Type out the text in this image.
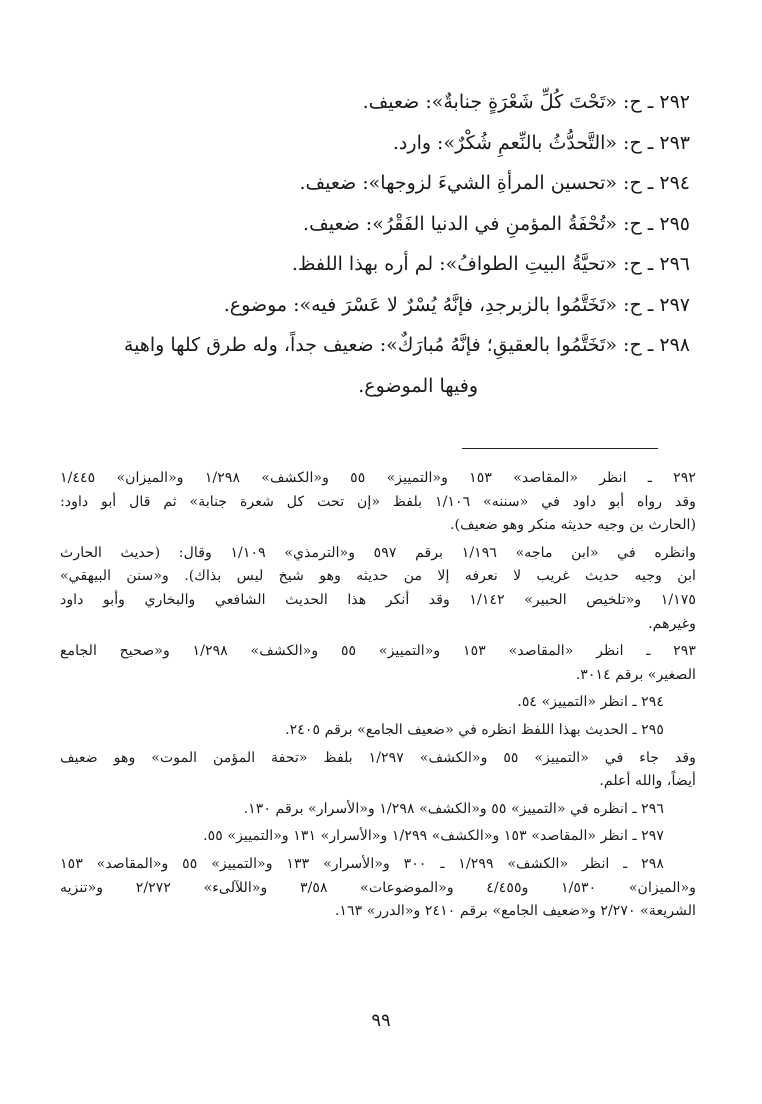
٢٩٢ ـ ح: «تَحْتَ كُلِّ شَعْرَةٍ جنابةٌ»: ضعيف.
٢٩٣ ـ ح: «التَّحدُّثُ بالنِّعمِ شُكْرٌ»: وارد.
٢٩٤ ـ ح: «تحسين المرأةِ الشيءَ لزوجها»: ضعيف.
٢٩٥ ـ ح: «تُحْفَةُ المؤمنِ في الدنيا الفَقْرُ»: ضعيف.
٢٩٦ ـ ح: «تحيَّةُ البيتِ الطوافُ»: لم أره بهذا اللفظ.
٢٩٧ ـ ح: «تَخَتَّمُوا بالزبرجدِ، فإنَّهُ يُسْرٌ لا عَسْرَ فيه»: موضوع.
٢٩٨ ـ ح: «تَخَتَّمُوا بالعقيقِ؛ فإنَّهُ مُبارَكٌ»: ضعيف جداً، وله طرق كلها واهية
وفيها الموضوع.
٢٩٢ ـ انظر «المقاصد» ١٥٣ و«التمييز» ٥٥ و«الكشف» ١/٢٩٨ و«الميزان» ١/٤٤٥
وقد رواه أبو داود في «سننه» ١/١٠٦ بلفظ «إن تحت كل شعرة جنابة» ثم قال أبو داود:
(الحارث بن وجيه حديثه منكر وهو ضعيف).
وانظره في «ابن ماجه» ١/١٩٦ برقم ٥٩٧ و«الترمذي» ١/١٠٩ وقال: (حديث الحارث
ابن وجيه حديث غريب لا نعرفه إلا من حديثه وهو شيخ ليس بذاك). و«سنن البيهقي»
١/١٧٥ و«تلخيص الحبير» ١/١٤٢ وقد أنكر هذا الحديث الشافعي والبخاري وأبو داود
وغيرهم.
٢٩٣ ـ انظر «المقاصد» ١٥٣ و«التمييز» ٥٥ و«الكشف» ١/٢٩٨ و«صحيح الجامع
الصغير» برقم ٣٠١٤.
٢٩٤ ـ انظر «التمييز» ٥٤.
٢٩٥ ـ الحديث بهذا اللفظ انظره في «ضعيف الجامع» برقم ٢٤٠٥.
وقد جاء في «التمييز» ٥٥ و«الكشف» ١/٢٩٧ بلفظ «تحفة المؤمن الموت» وهو ضعيف
أيضاً، والله أعلم.
٢٩٦ ـ انظره في «التمييز» ٥٥ و«الكشف» ١/٢٩٨ و«الأسرار» برقم ١٣٠.
٢٩٧ ـ انظر «المقاصد» ١٥٣ و«الكشف» ١/٢٩٩ و«الأسرار» ١٣١ و«التمييز» ٥٥.
٢٩٨ ـ انظر «الكشف» ١/٢٩٩ ـ ٣٠٠ و«الأسرار» ١٣٣ و«التمييز» ٥٥ و«المقاصد» ١٥٣
و«الميزان» ١/٥٣٠ و٤/٤٥٥ و«الموضوعات» ٣/٥٨ و«اللآلىء» ٢/٢٧٢ و«تنزيه
الشريعة» ٢/٢٧٠ و«ضعيف الجامع» برقم ٢٤١٠ و«الدرر» ١٦٣.
٩٩
